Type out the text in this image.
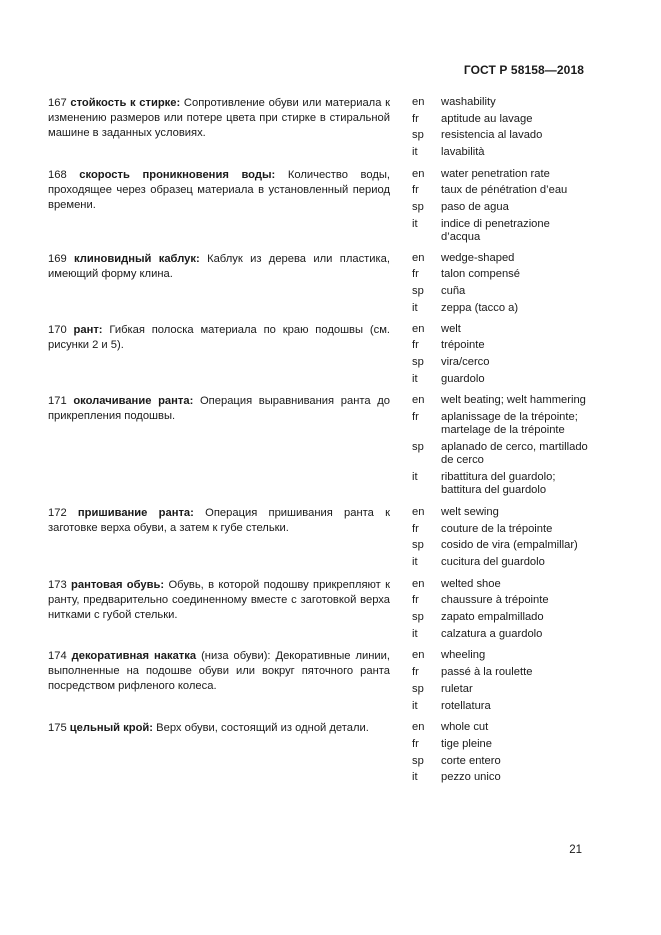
ГОСТ Р 58158—2018
167 стойкость к стирке: Сопротивление обуви или материала к изменению размеров или потере цвета при стирке в стиральной машине в заданных условиях.
en	washability
fr	aptitude au lavage
sp	resistencia al lavado
it	lavabilità
168 скорость проникновения воды: Количество воды, проходящее через образец материала в установленный период времени.
en	water penetration rate
fr	taux de pénétration d’eau
sp	paso de agua
it	indice di penetrazione d’acqua
169 клиновидный каблук: Каблук из дерева или пластика, имеющий форму клина.
en	wedge-shaped
fr	talon compensé
sp	cuña
it	zeppa (tacco a)
170 рант: Гибкая полоска материала по краю подошвы (см. рисунки 2 и 5).
en	welt
fr	trépointe
sp	vira/cerco
it	guardolo
171 околачивание ранта: Операция выравнивания ранта до прикрепления подошвы.
en	welt beating; welt hammering
fr	aplanissage de la trépointe; martelage de la trépointe
sp	aplanado de cerco, martillado de cerco
it	ribattitura del guardolo; battitura del guardolo
172 пришивание ранта: Операция пришивания ранта к заготовке верха обуви, а затем к губе стельки.
en	welt sewing
fr	couture de la trépointe
sp	cosido de vira (empalmillar)
it	cucitura del guardolo
173 рантовая обувь: Обувь, в которой подошву прикрепляют к ранту, предварительно соединенному вместе с заготовкой верха нитками с губой стельки.
en	welted shoe
fr	chaussure à trépointe
sp	zapato empalmillado
it	calzatura a guardolo
174 декоративная накатка (низа обуви): Декоративные линии, выполненные на подошве обуви или вокруг пяточного ранта посредством рифленого колеса.
en	wheeling
fr	passé à la roulette
sp	ruletar
it	rotellatura
175 цельный крой: Верх обуви, состоящий из одной детали.	en	whole cut
fr	tige pleine
sp	corte entero
it	pezzo unico
21
